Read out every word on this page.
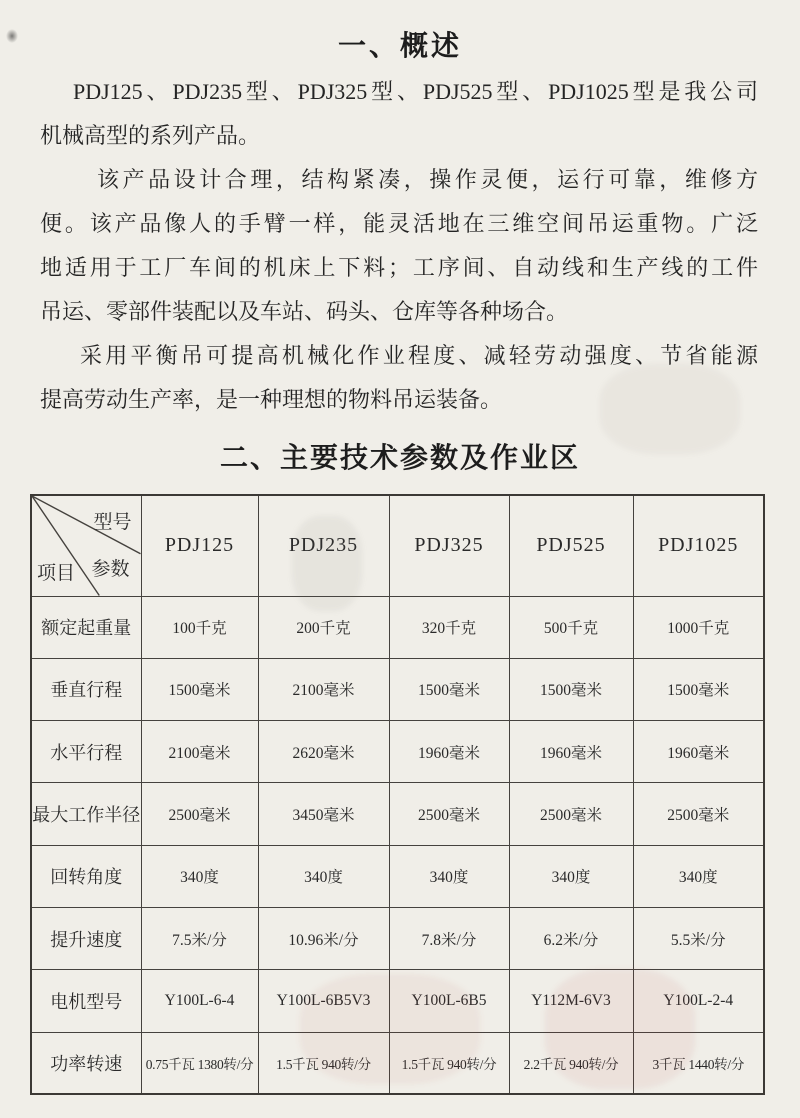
一、概述
PDJ125、PDJ235型、PDJ325型、PDJ525型、PDJ1025型是我公司
机械高型的系列产品。
该产品设计合理，结构紧凑，操作灵便，运行可靠，维修方
便。该产品像人的手臂一样，能灵活地在三维空间吊运重物。广泛
地适用于工厂车间的机床上下料；工序间、自动线和生产线的工件
吊运、零部件装配以及车站、码头、仓库等各种场合。
采用平衡吊可提高机械化作业程度、减轻劳动强度、节省能源
提高劳动生产率，是一种理想的物料吊运装备。
二、主要技术参数及作业区
型号
参数
项目	PDJ125	PDJ235	PDJ325	PDJ525	PDJ1025
额定起重量	100千克	200千克	320千克	500千克	1000千克
垂直行程	1500毫米	2100毫米	1500毫米	1500毫米	1500毫米
水平行程	2100毫米	2620毫米	1960毫米	1960毫米	1960毫米
最大工作半径	2500毫米	3450毫米	2500毫米	2500毫米	2500毫米
回转角度	340度	340度	340度	340度	340度
提升速度	7.5米/分	10.96米/分	7.8米/分	6.2米/分	5.5米/分
电机型号	Y100L-6-4	Y100L-6B5V3	Y100L-6B5	Y112M-6V3	Y100L-2-4
功率转速	0.75千瓦 1380转/分	1.5千瓦 940转/分	1.5千瓦 940转/分	2.2千瓦 940转/分	3千瓦 1440转/分
